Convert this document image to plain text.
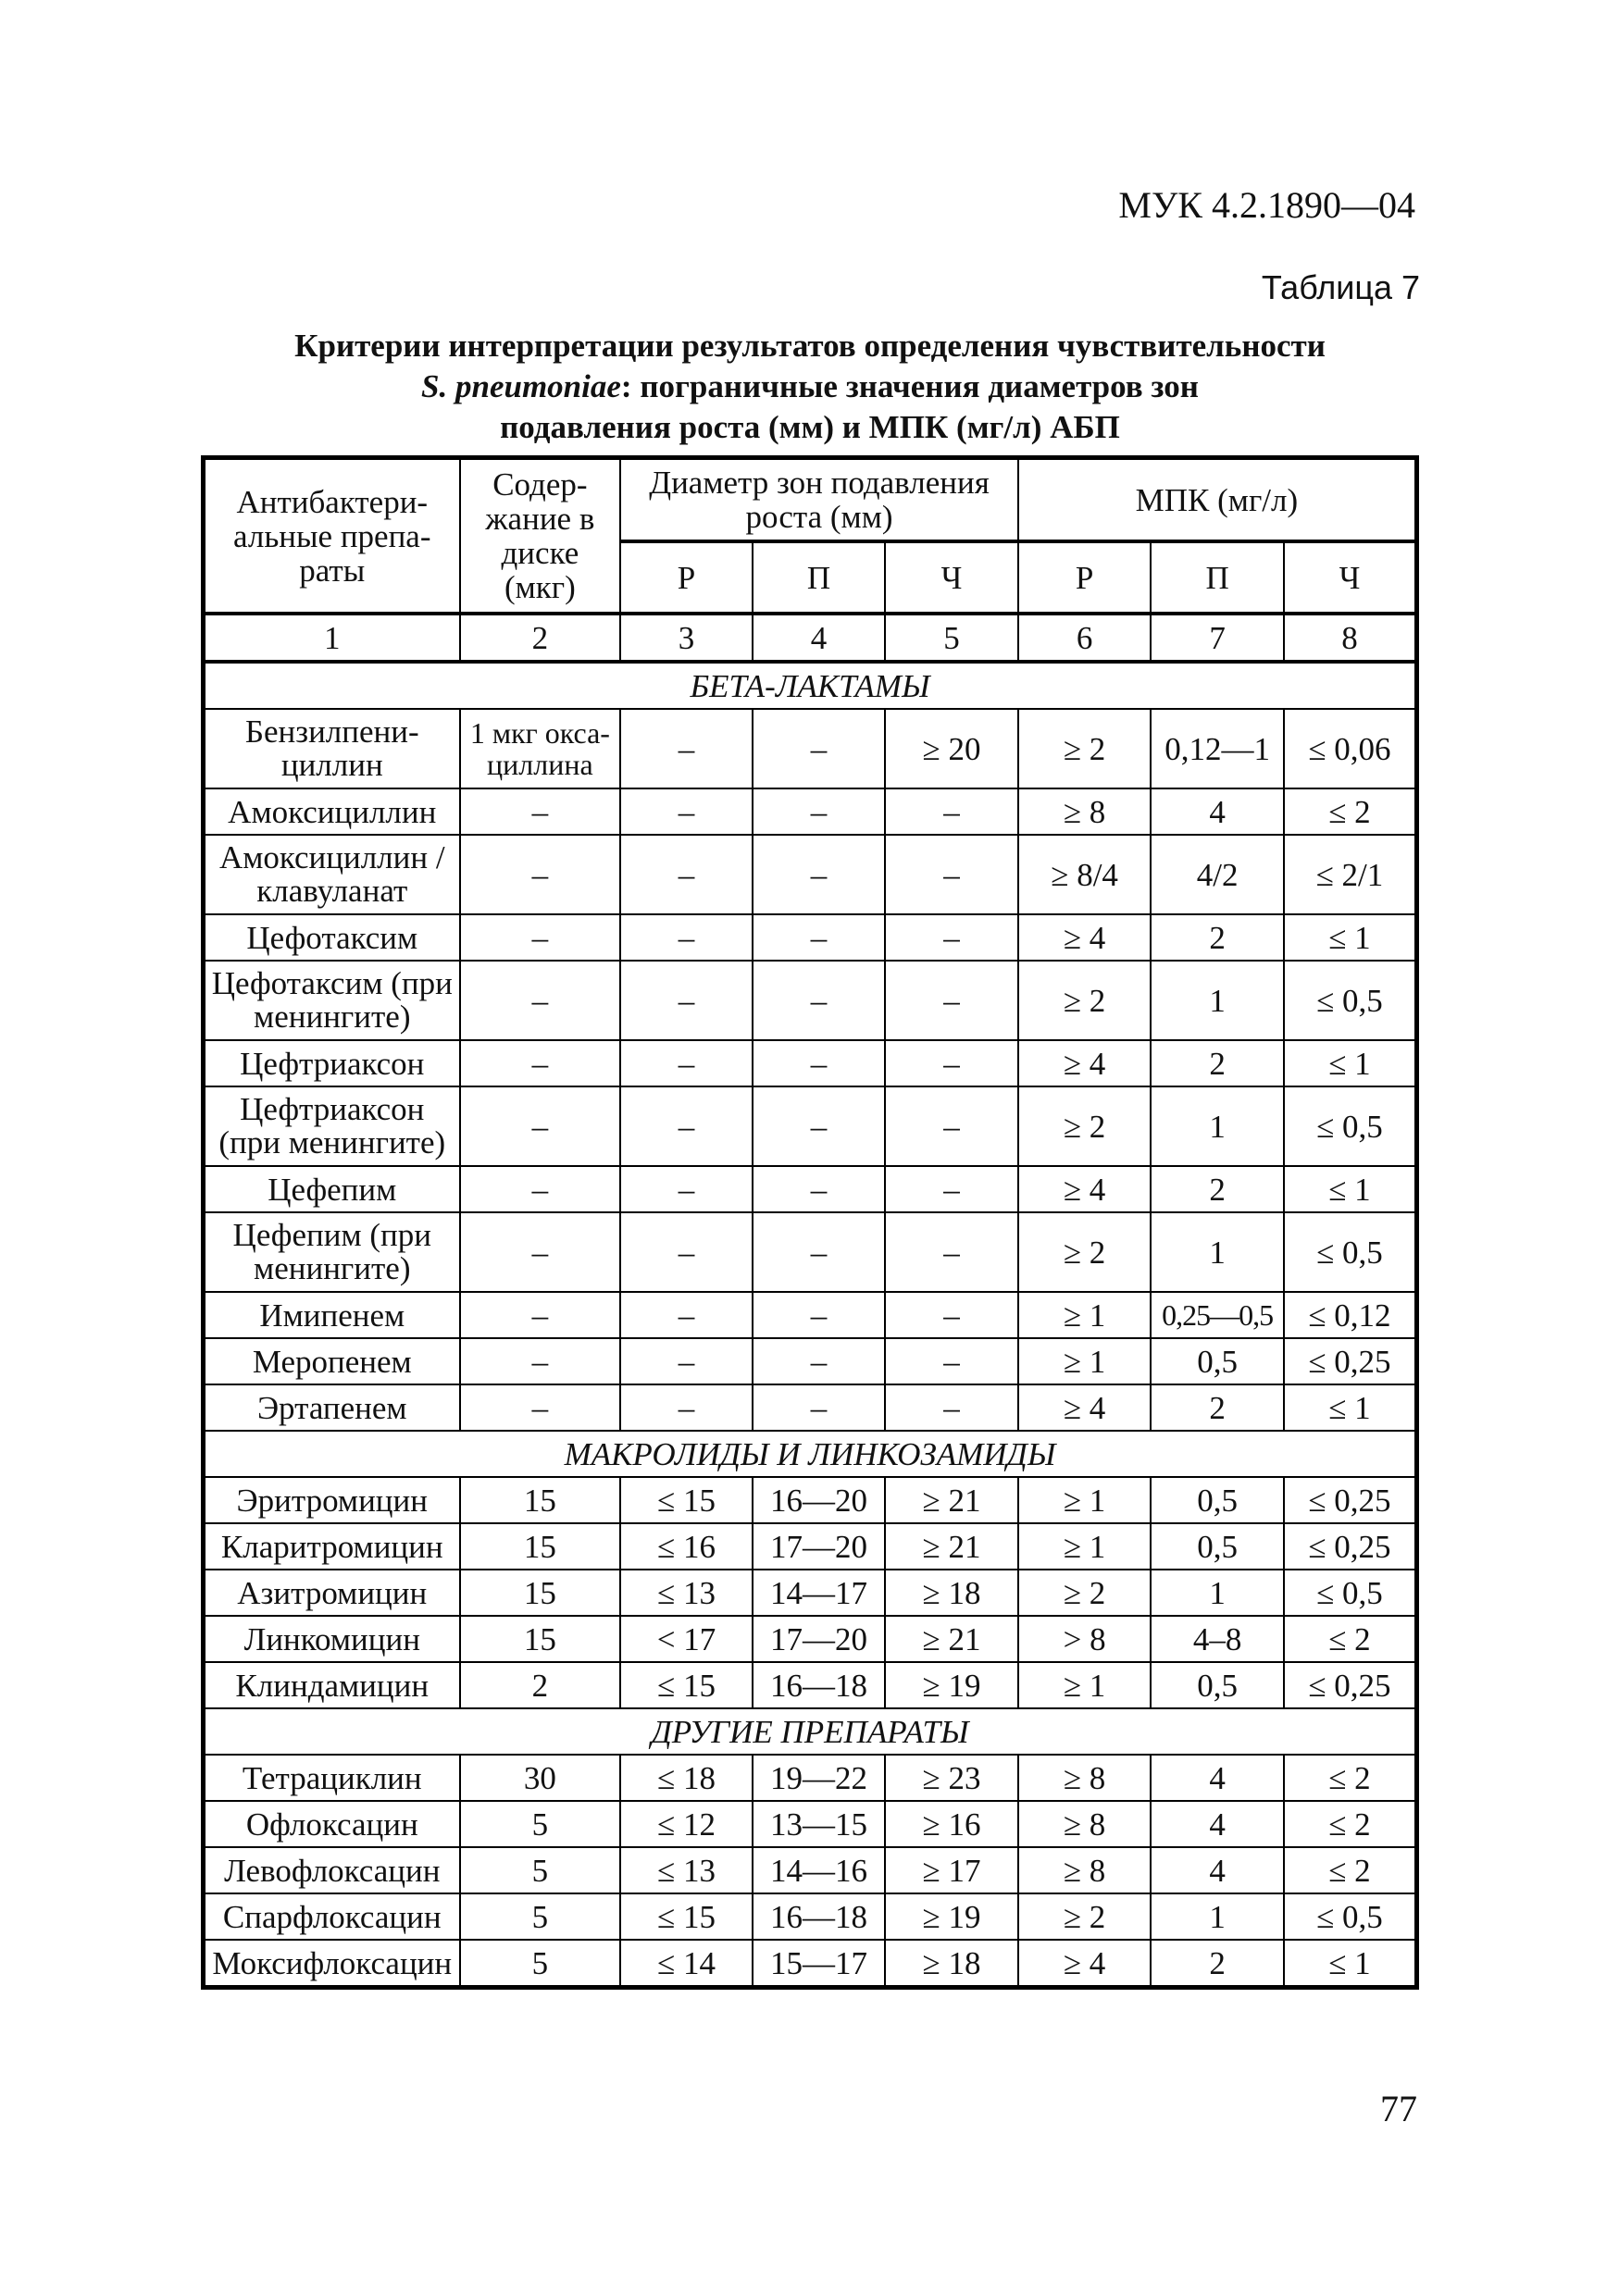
МУК 4.2.1890—04
Таблица 7
Критерии интерпретации результатов определения чувствительности
S. pneumoniae: пограничные значения диаметров зон
подавления роста (мм) и МПК (мг/л) АБП
Антибактери-альные препа-раты	Содер-жание в диске (мкг)	Диаметр зон подавления роста (мм)			МПК (мг/л)		
		Р	П	Ч	Р	П	Ч
1	2	3	4	5	6	7	8
БЕТА-ЛАКТАМЫ							
Бензилпени-циллин	1 мкг окса-циллина	–	–	≥ 20	≥ 2	0,12—1	≤ 0,06
Амоксициллин	–	–	–	–	≥ 8	4	≤ 2
Амоксициллин / клавуланат	–	–	–	–	≥ 8/4	4/2	≤ 2/1
Цефотаксим	–	–	–	–	≥ 4	2	≤ 1
Цефотаксим (при менингите)	–	–	–	–	≥ 2	1	≤ 0,5
Цефтриаксон	–	–	–	–	≥ 4	2	≤ 1
Цефтриаксон (при менингите)	–	–	–	–	≥ 2	1	≤ 0,5
Цефепим	–	–	–	–	≥ 4	2	≤ 1
Цефепим (при менингите)	–	–	–	–	≥ 2	1	≤ 0,5
Имипенем	–	–	–	–	≥ 1	0,25—0,5	≤ 0,12
Меропенем	–	–	–	–	≥ 1	0,5	≤ 0,25
Эртапенем	–	–	–	–	≥ 4	2	≤ 1
МАКРОЛИДЫ И ЛИНКОЗАМИДЫ							
Эритромицин	15	≤ 15	16—20	≥ 21	≥ 1	0,5	≤ 0,25
Кларитромицин	15	≤ 16	17—20	≥ 21	≥ 1	0,5	≤ 0,25
Азитромицин	15	≤ 13	14—17	≥ 18	≥ 2	1	≤ 0,5
Линкомицин	15	< 17	17—20	≥ 21	> 8	4–8	≤ 2
Клиндамицин	2	≤ 15	16—18	≥ 19	≥ 1	0,5	≤ 0,25
ДРУГИЕ ПРЕПАРАТЫ							
Тетрациклин	30	≤ 18	19—22	≥ 23	≥ 8	4	≤ 2
Офлоксацин	5	≤ 12	13—15	≥ 16	≥ 8	4	≤ 2
Левофлоксацин	5	≤ 13	14—16	≥ 17	≥ 8	4	≤ 2
Спарфлоксацин	5	≤ 15	16—18	≥ 19	≥ 2	1	≤ 0,5
Моксифлоксацин	5	≤ 14	15—17	≥ 18	≥ 4	2	≤ 1
77
